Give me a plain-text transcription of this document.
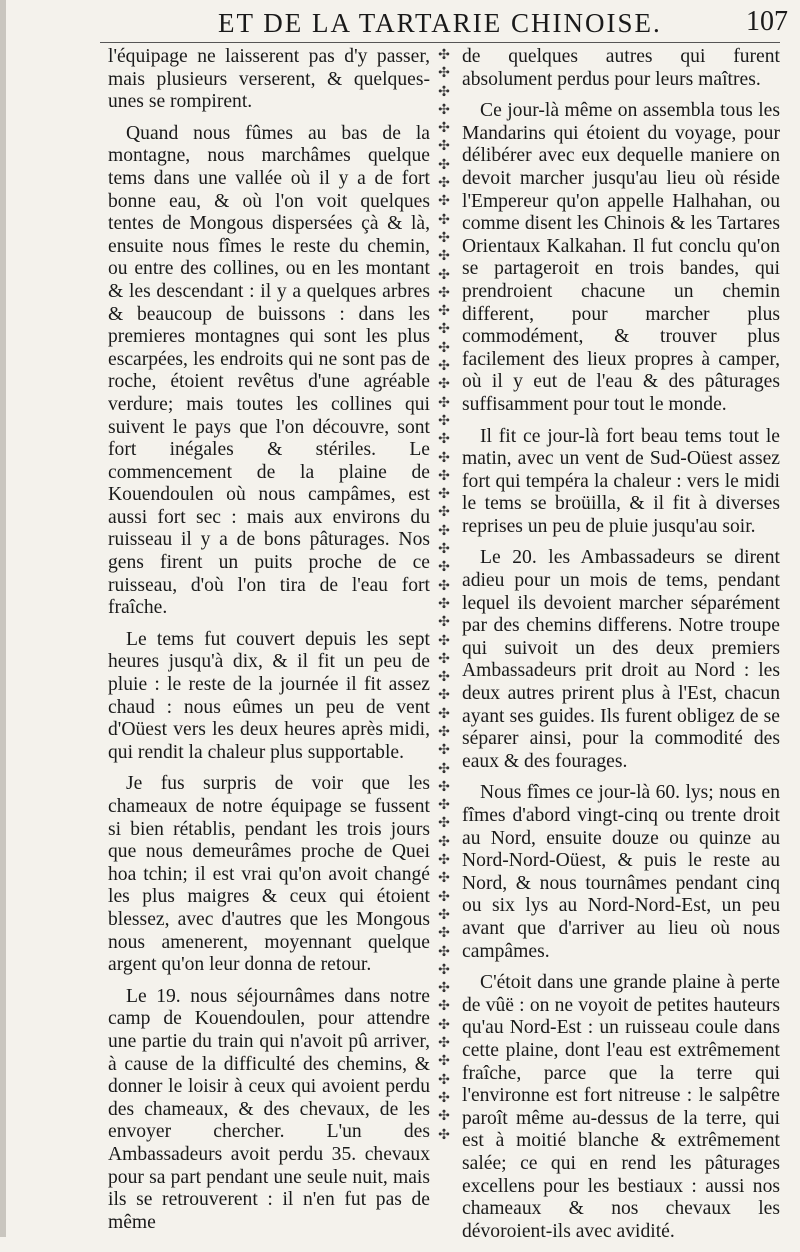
ET DE LA TARTARIE CHINOISE.	107

l'équipage ne laisserent pas d'y passer, mais plusieurs verserent, & quelques-unes se rompirent.

Quand nous fûmes au bas de la montagne, nous marchâmes quelque tems dans une vallée où il y a de fort bonne eau, & où l'on voit quelques tentes de Mongous dispersées çà & là, ensuite nous fîmes le reste du chemin, ou entre des collines, ou en les montant & les descendant : il y a quelques arbres & beaucoup de buissons : dans les premieres montagnes qui sont les plus escarpées, les endroits qui ne sont pas de roche, étoient revêtus d'une agréable verdure; mais toutes les collines qui suivent le pays que l'on découvre, sont fort inégales & stériles. Le commencement de la plaine de Kouendoulen où nous campâmes, est aussi fort sec : mais aux environs du ruisseau il y a de bons pâturages. Nos gens firent un puits proche de ce ruisseau, d'où l'on tira de l'eau fort fraîche.

Le tems fut couvert depuis les sept heures jusqu'à dix, & il fit un peu de pluie : le reste de la journée il fit assez chaud : nous eûmes un peu de vent d'Oüest vers les deux heures après midi, qui rendit la chaleur plus supportable.

Je fus surpris de voir que les chameaux de notre équipage se fussent si bien rétablis, pendant les trois jours que nous demeurâmes proche de Quei hoa tchin; il est vrai qu'on avoit changé les plus maigres & ceux qui étoient blessez, avec d'autres que les Mongous nous amenerent, moyennant quelque argent qu'on leur donna de retour.

Le 19. nous séjournâmes dans notre camp de Kouendoulen, pour attendre une partie du train qui n'avoit pû arriver, à cause de la difficulté des chemins, & donner le loisir à ceux qui avoient perdu des chameaux, & des chevaux, de les envoyer chercher. L'un des Ambassadeurs avoit perdu 35. chevaux pour sa part pendant une seule nuit, mais ils se retrouverent : il n'en fut pas de même

✣
✣
✣
✣
✣
✣
✣
✣
✣
✣
✣
✣
✣
✣
✣
✣
✣
✣
✣
✣
✣
✣
✣
✣
✣
✣
✣
✣
✣
✣
✣
✣
✣
✣
✣
✣
✣
✣
✣
✣
✣
✣
✣
✣
✣
✣
✣
✣
✣
✣
✣
✣
✣
✣
✣
✣
✣
✣
✣
✣

de quelques autres qui furent absolument perdus pour leurs maîtres.

Ce jour-là même on assembla tous les Mandarins qui étoient du voyage, pour délibérer avec eux dequelle maniere on devoit marcher jusqu'au lieu où réside l'Empereur qu'on appelle Halhahan, ou comme disent les Chinois & les Tartares Orientaux Kalkahan. Il fut conclu qu'on se partageroit en trois bandes, qui prendroient chacune un chemin different, pour marcher plus commodément, & trouver plus facilement des lieux propres à camper, où il y eut de l'eau & des pâturages suffisamment pour tout le monde.

Il fit ce jour-là fort beau tems tout le matin, avec un vent de Sud-Oüest assez fort qui tempéra la chaleur : vers le midi le tems se broüilla, & il fit à diverses reprises un peu de pluie jusqu'au soir.

Le 20. les Ambassadeurs se dirent adieu pour un mois de tems, pendant lequel ils devoient marcher séparément par des chemins differens. Notre troupe qui suivoit un des deux premiers Ambassadeurs prit droit au Nord : les deux autres prirent plus à l'Est, chacun ayant ses guides. Ils furent obligez de se séparer ainsi, pour la commodité des eaux & des fourages.

Nous fîmes ce jour-là 60. lys; nous en fîmes d'abord vingt-cinq ou trente droit au Nord, ensuite douze ou quinze au Nord-Nord-Oüest, & puis le reste au Nord, & nous tournâmes pendant cinq ou six lys au Nord-Nord-Est, un peu avant que d'arriver au lieu où nous campâmes.

C'étoit dans une grande plaine à perte de vûë : on ne voyoit de petites hauteurs qu'au Nord-Est : un ruisseau coule dans cette plaine, dont l'eau est extrêmement fraîche, parce que la terre qui l'environne est fort nitreuse : le salpêtre paroît même au-dessus de la terre, qui est à moitié blanche & extrêmement salée; ce qui en rend les pâturages excellens pour les bestiaux : aussi nos chameaux & nos chevaux les dévoroient-ils avec avidité.
